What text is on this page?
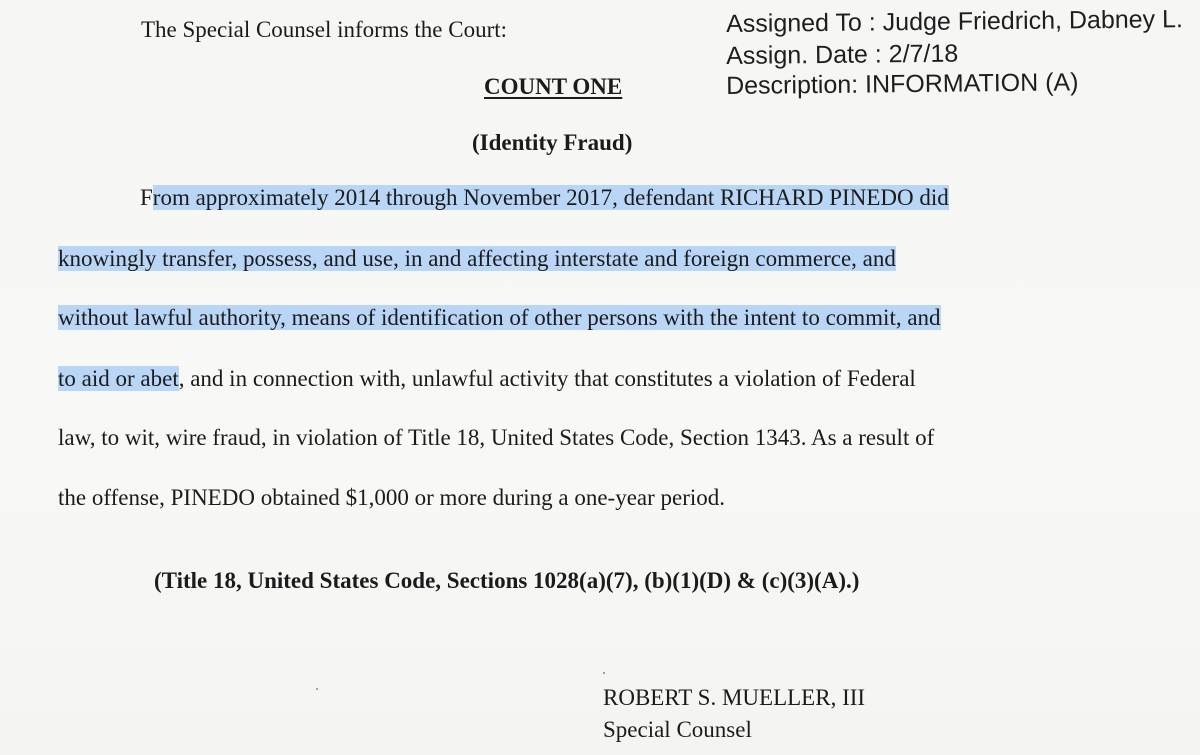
Assigned To : Judge Friedrich, Dabney L.
Assign. Date : 2/7/18
Description: INFORMATION (A)
The Special Counsel informs the Court:
COUNT ONE
(Identity Fraud)
From approximately 2014 through November 2017, defendant RICHARD PINEDO did
knowingly transfer, possess, and use, in and affecting interstate and foreign commerce, and
without lawful authority, means of identification of other persons with the intent to commit, and
to aid or abet, and in connection with, unlawful activity that constitutes a violation of Federal
law, to wit, wire fraud, in violation of Title 18, United States Code, Section 1343. As a result of
the offense, PINEDO obtained $1,000 or more during a one-year period.
(Title 18, United States Code, Sections 1028(a)(7), (b)(1)(D) & (c)(3)(A).)
ROBERT S. MUELLER, III
Special Counsel
